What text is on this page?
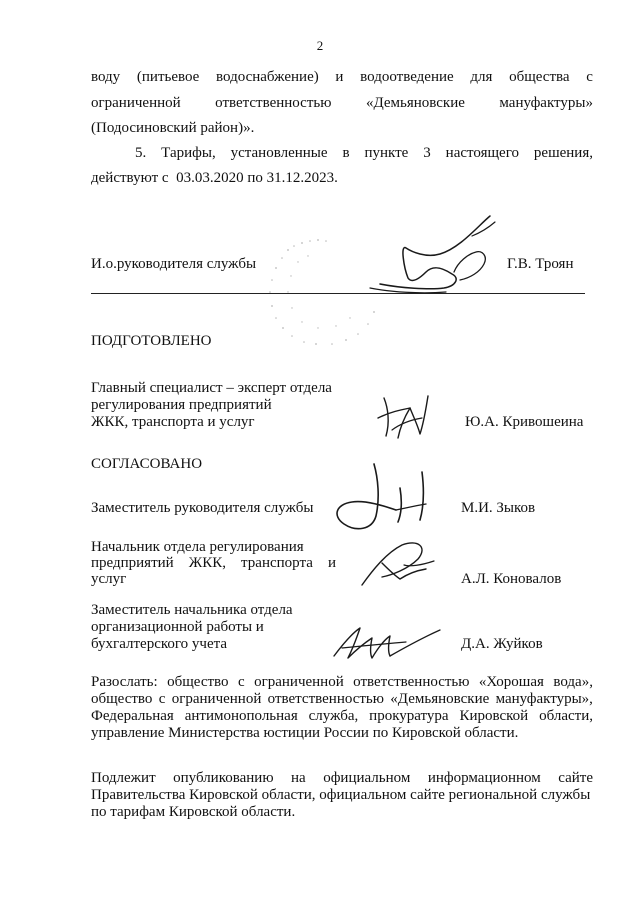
2
воду (питьевое водоснабжение) и водоотведение для общества с
ограниченной ответственностью «Демьяновские мануфактуры»
(Подосиновский район)».
5. Тарифы, установленные в пункте 3 настоящего решения,
действуют с  03.03.2020 по 31.12.2023.
И.о.руководителя службы	Г.В. Троян
ПОДГОТОВЛЕНО
Главный специалист – эксперт отдела
регулирования предприятий
ЖКК, транспорта и услуг	Ю.А. Кривошеина
СОГЛАСОВАНО
Заместитель руководителя службы	М.И. Зыков
Начальник отдела регулирования
предприятий ЖКК, транспорта и
услуг	А.Л. Коновалов
Заместитель начальника отдела
организационной работы и
бухгалтерского учета	Д.А. Жуйков
Разослать: общество с ограниченной ответственностью «Хорошая вода»,
общество с ограниченной ответственностью «Демьяновские мануфактуры»,
Федеральная антимонопольная служба, прокуратура Кировской области,
управление Министерства юстиции России по Кировской области.
Подлежит опубликованию на официальном информационном сайте
Правительства Кировской области, официальном сайте региональной службы
по тарифам Кировской области.
